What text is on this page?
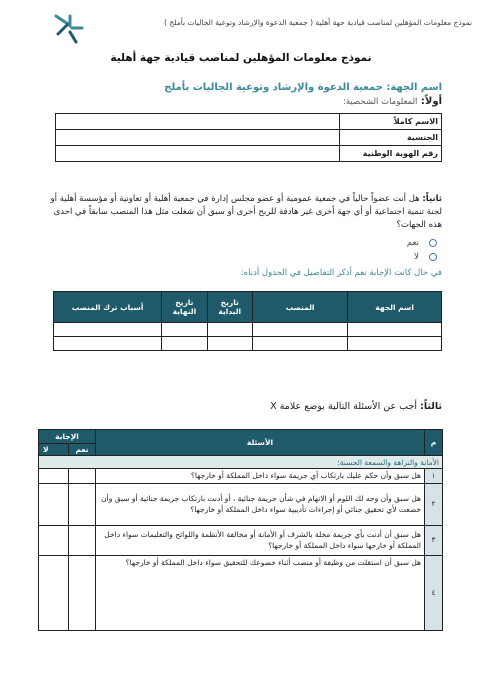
نموذج معلومات المؤهلين لمناصب قيادية جهة أهلية ( جمعية الدعوة والإرشاد وتوعية الجاليات بأملج )
نموذج معلومات المؤهلين لمناصب قيادية جهة أهلية
اسم الجهة: جمعية الدعوة والإرشاد وتوعية الجاليات بأملج
أولاً: المعلومات الشخصية:
	الاسم كاملاً
	الجنسية
	رقم الهوية الوطنية
ثانياً: هل أنت عضواً حالياً في جمعية عمومية أو عضو مجلس إدارة في جمعية أهلية أو تعاونية أو مؤسسة أهلية أو لجنة تنمية اجتماعية أو أي جهة أخرى غير هادفة للربح أخرى أو سبق أن شغلت مثل هذا المنصب سابقاً في احدى هذه الجهات؟
نعم
لا
في حال كانت الإجابة نعم أذكر التفاصيل في الجدول أدناه:
أسباب ترك المنصب	تاريخ النهاية	تاريخ البداية	المنصب	اسم الجهة

ثالثاً: أجب عن الأسئلة التالية بوضع علامة X
الإجابة		الأسئلة	م
لا	نعم		
الأمانة والنزاهة والسمعة الحسنة:			
		هل سبق وأن حكم عليك بارتكاب أي جريمة سواء داخل المملكة أو خارجها؟	١
		هل سبق وأن وجه لك اللوم أو الاتهام في شأن جريمة جنائية ، أو أدنت بارتكاب جريمة جنائية أو سبق وأن خضعت لأي تحقيق جنائي أو إجراءات تأديبية سواء داخل المملكة أو خارجها؟	٢
		هل سبق أن أدنت بأي جريمة مخلة بالشرف أو الأمانة أو مخالفة الأنظمة واللوائح والتعليمات سواء داخل المملكة أو خارجها سواء داخل المملكة أو خارجها؟	٣
		هل سبق أن استقلت من وظيفة أو منصب أثناء خضوعك للتحقيق سواء داخل المملكة أو خارجها؟	٤
